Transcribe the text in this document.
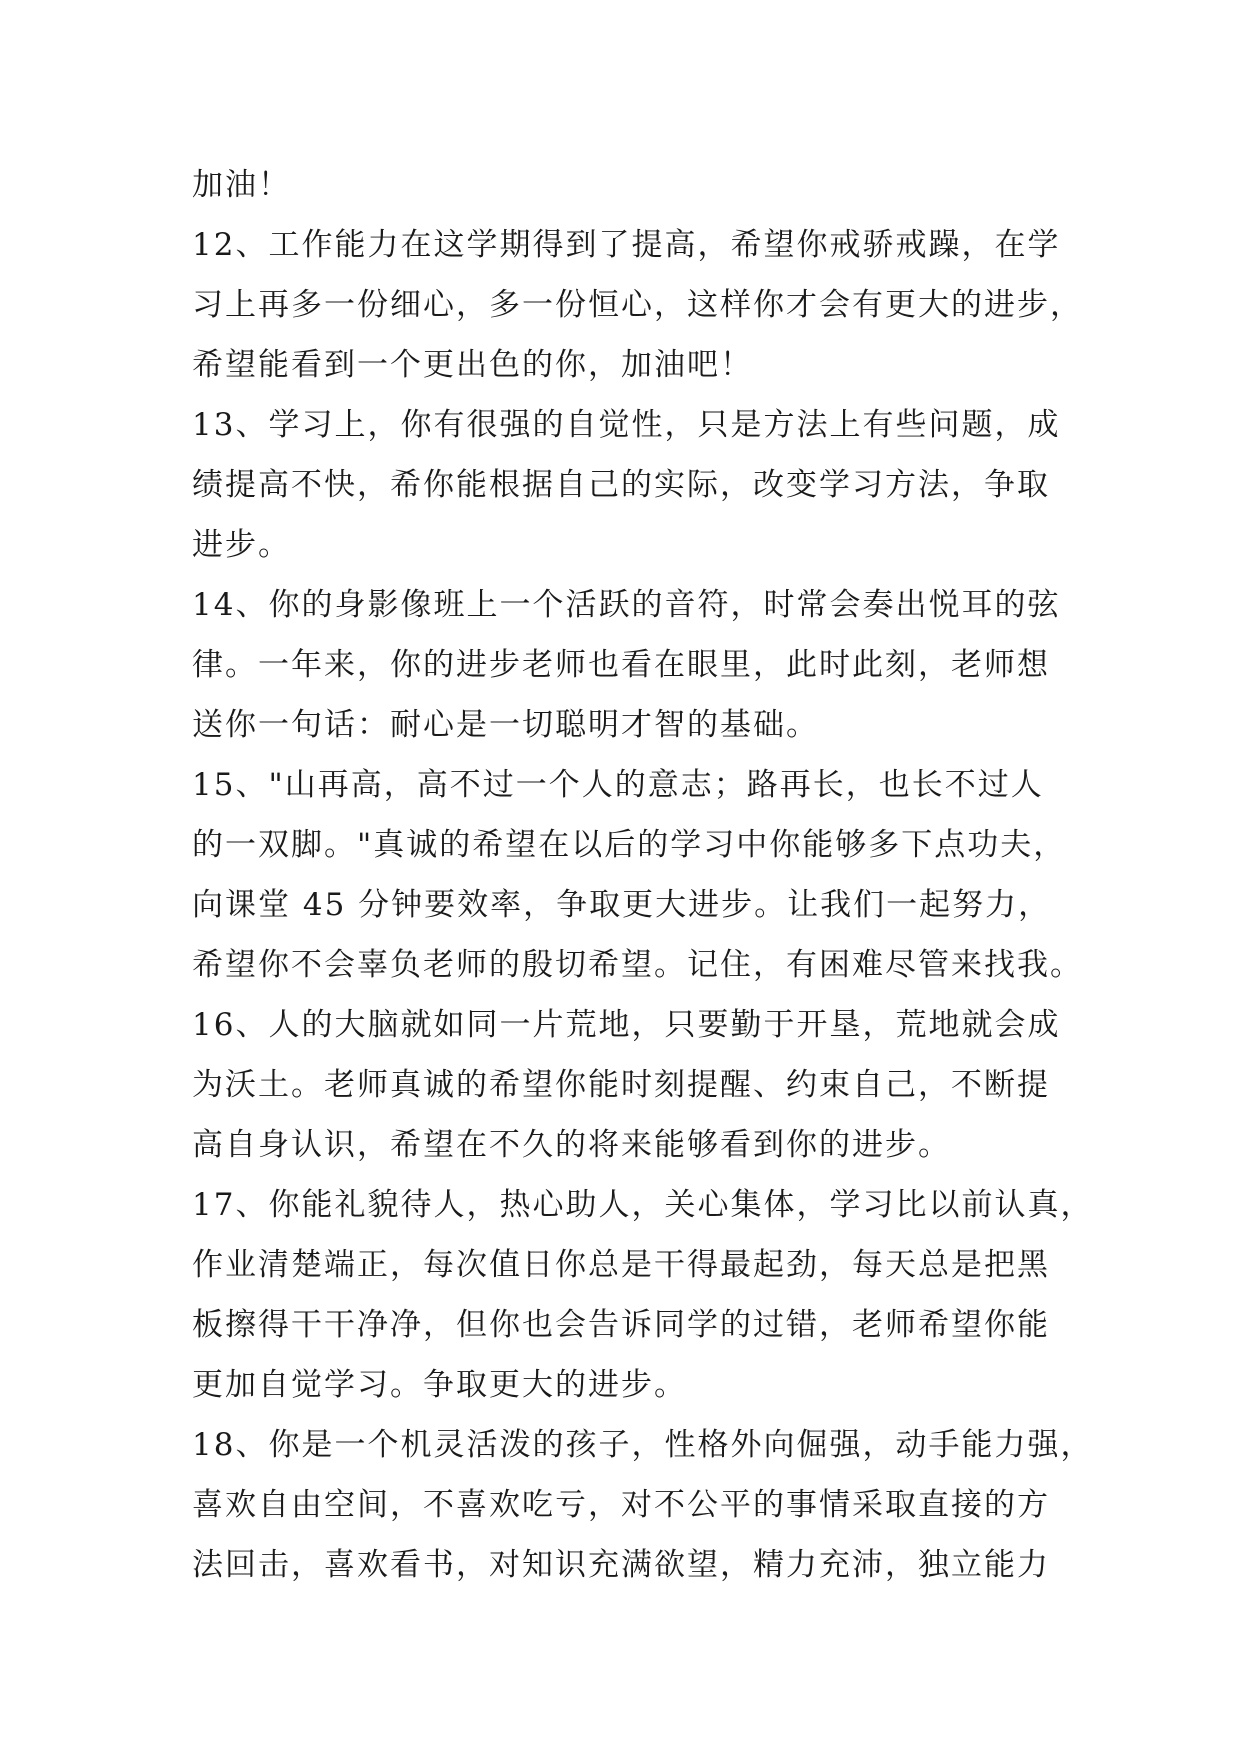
加油！
12、工作能力在这学期得到了提高，希望你戒骄戒躁，在学
习上再多一份细心，多一份恒心，这样你才会有更大的进步，
希望能看到一个更出色的你，加油吧！
13、学习上，你有很强的自觉性，只是方法上有些问题，成
绩提高不快，希你能根据自己的实际，改变学习方法，争取
进步。
14、你的身影像班上一个活跃的音符，时常会奏出悦耳的弦
律。一年来，你的进步老师也看在眼里，此时此刻，老师想
送你一句话：耐心是一切聪明才智的基础。
15、"山再高，高不过一个人的意志；路再长，也长不过人
的一双脚。"真诚的希望在以后的学习中你能够多下点功夫，
向课堂 45 分钟要效率，争取更大进步。让我们一起努力，
希望你不会辜负老师的殷切希望。记住，有困难尽管来找我。
16、人的大脑就如同一片荒地，只要勤于开垦，荒地就会成
为沃土。老师真诚的希望你能时刻提醒、约束自己，不断提
高自身认识，希望在不久的将来能够看到你的进步。
17、你能礼貌待人，热心助人，关心集体，学习比以前认真，
作业清楚端正，每次值日你总是干得最起劲，每天总是把黑
板擦得干干净净，但你也会告诉同学的过错，老师希望你能
更加自觉学习。争取更大的进步。
18、你是一个机灵活泼的孩子，性格外向倔强，动手能力强，
喜欢自由空间，不喜欢吃亏，对不公平的事情采取直接的方
法回击，喜欢看书，对知识充满欲望，精力充沛，独立能力
